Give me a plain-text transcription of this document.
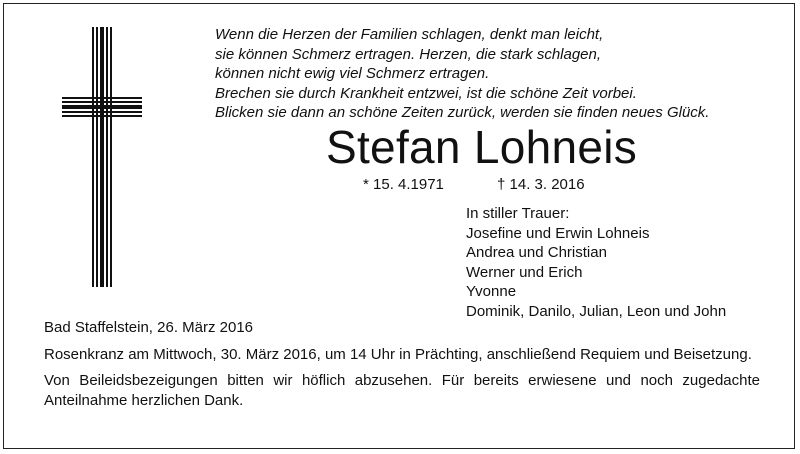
Wenn die Herzen der Familien schlagen, denkt man leicht,
sie können Schmerz ertragen. Herzen, die stark schlagen,
können nicht ewig viel Schmerz ertragen.
Brechen sie durch Krankheit entzwei, ist die schöne Zeit vorbei.
Blicken sie dann an schöne Zeiten zurück, werden sie finden neues Glück.
Stefan Lohneis
* 15. 4.1971	† 14. 3. 2016
In stiller Trauer:
Josefine und Erwin Lohneis
Andrea und Christian
Werner und Erich
Yvonne
Dominik, Danilo, Julian, Leon und John

Bad Staffelstein, 26. März 2016

Rosenkranz am Mittwoch, 30. März 2016, um 14 Uhr in Prächting, anschließend Requiem und Beisetzung.

Von Beileidsbezeigungen bitten wir höflich abzusehen. Für bereits erwiesene und noch zugedachte Anteilnahme herzlichen Dank.
